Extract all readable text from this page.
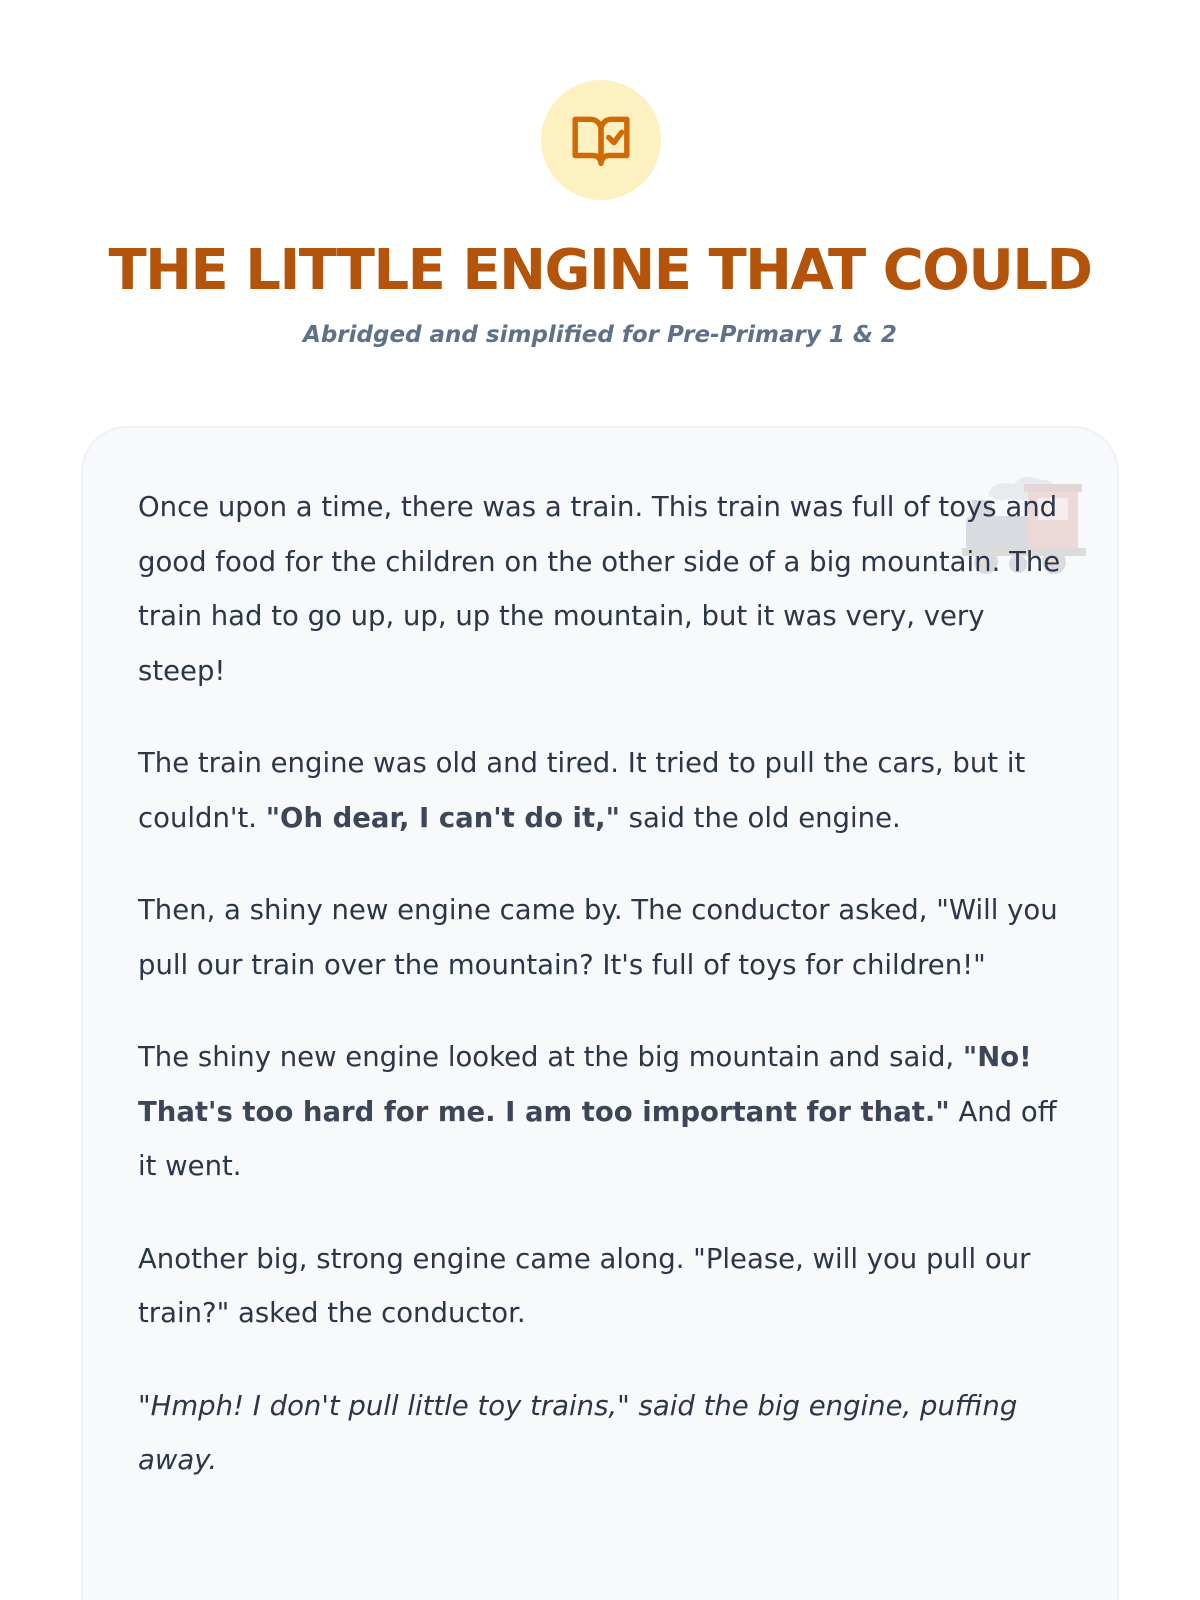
THE LITTLE ENGINE THAT COULD
Abridged and simplified for Pre-Primary 1 & 2

Once upon a time, there was a train. This train was full of toys and good food for the children on the other side of a big mountain. The train had to go up, up, up the mountain, but it was very, very steep!

The train engine was old and tired. It tried to pull the cars, but it couldn't. "Oh dear, I can't do it," said the old engine.

Then, a shiny new engine came by. The conductor asked, "Will you pull our train over the mountain? It's full of toys for children!"

The shiny new engine looked at the big mountain and said, "No! That's too hard for me. I am too important for that." And off it went.

Another big, strong engine came along. "Please, will you pull our train?" asked the conductor.

"Hmph! I don't pull little toy trains," said the big engine, puffing away.
